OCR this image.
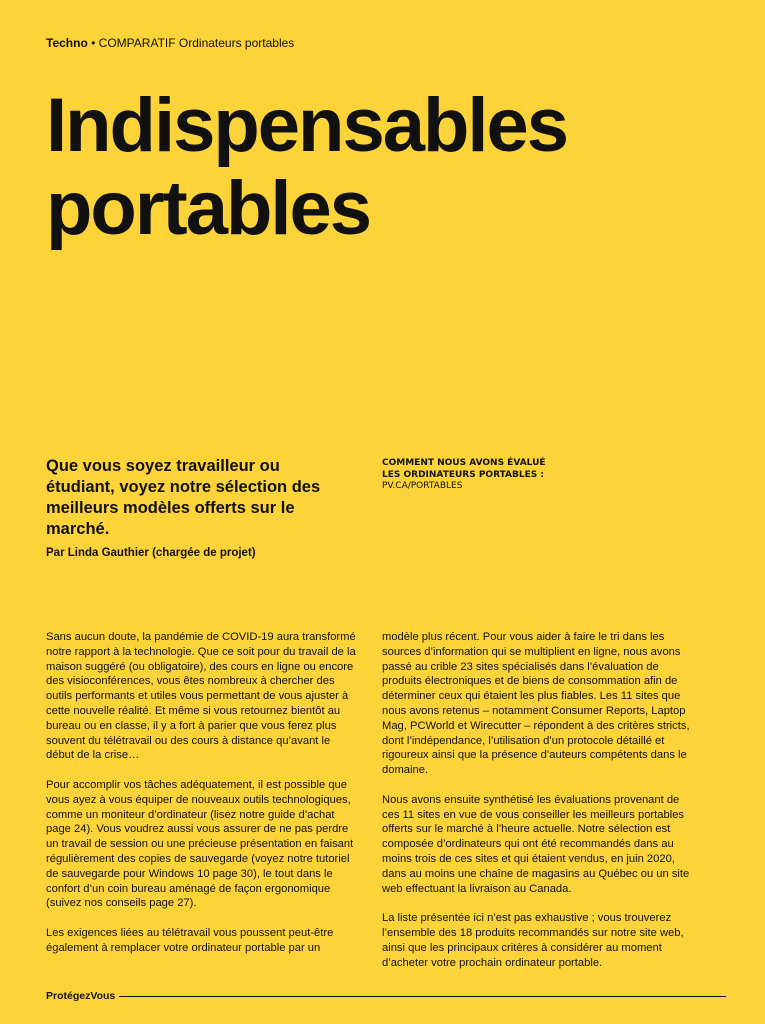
Techno • COMPARATIF Ordinateurs portables
Indispensables
portables

Que vous soyez travailleur ou étudiant, voyez notre sélection des meilleurs modèles offerts sur le marché.

Par Linda Gauthier (chargée de projet)
COMMENT NOUS AVONS ÉVALUÉ
LES ORDINATEURS PORTABLES :
PV.CA/PORTABLES

Sans aucun doute, la pandémie de COVID-19 aura transformé notre rapport à la technologie. Que ce soit pour du travail de la maison suggéré (ou obligatoire), des cours en ligne ou encore des visioconférences, vous êtes nombreux à chercher des outils performants et utiles vous permettant de vous ajuster à cette nouvelle réalité. Et même si vous retournez bientôt au bureau ou en classe, il y a fort à parier que vous ferez plus souvent du télétravail ou des cours à distance qu’avant le début de la crise…

Pour accomplir vos tâches adéquatement, il est possible que vous ayez à vous équiper de nouveaux outils technologiques, comme un moniteur d’ordinateur (lisez notre guide d’achat page 24). Vous voudrez aussi vous assurer de ne pas perdre un travail de session ou une précieuse présentation en faisant régulièrement des copies de sauvegarde (voyez notre tutoriel de sauvegarde pour Windows 10 page 30), le tout dans le confort d’un coin bureau aménagé de façon ergonomique (suivez nos conseils page 27).

Les exigences liées au télétravail vous poussent peut-être également à remplacer votre ordinateur portable par un

modèle plus récent. Pour vous aider à faire le tri dans les sources d’information qui se multiplient en ligne, nous avons passé au crible 23 sites spécialisés dans l’évaluation de produits électroniques et de biens de consommation afin de déterminer ceux qui étaient les plus fiables. Les 11 sites que nous avons retenus – notamment Consumer Reports, Laptop Mag, PCWorld et Wirecutter – répondent à des critères stricts, dont l’indépendance, l’utilisation d’un protocole détaillé et rigoureux ainsi que la présence d’auteurs compétents dans le domaine.

Nous avons ensuite synthétisé les évaluations provenant de ces 11 sites en vue de vous conseiller les meilleurs portables offerts sur le marché à l’heure actuelle. Notre sélection est composée d’ordinateurs qui ont été recommandés dans au moins trois de ces sites et qui étaient vendus, en juin 2020, dans au moins une chaîne de magasins au Québec ou un site web effectuant la livraison au Canada.

La liste présentée ici n’est pas exhaustive ; vous trouverez l’ensemble des 18 produits recommandés sur notre site web, ainsi que les principaux critères à considérer au moment d’acheter votre prochain ordinateur portable.

ProtégezVous
